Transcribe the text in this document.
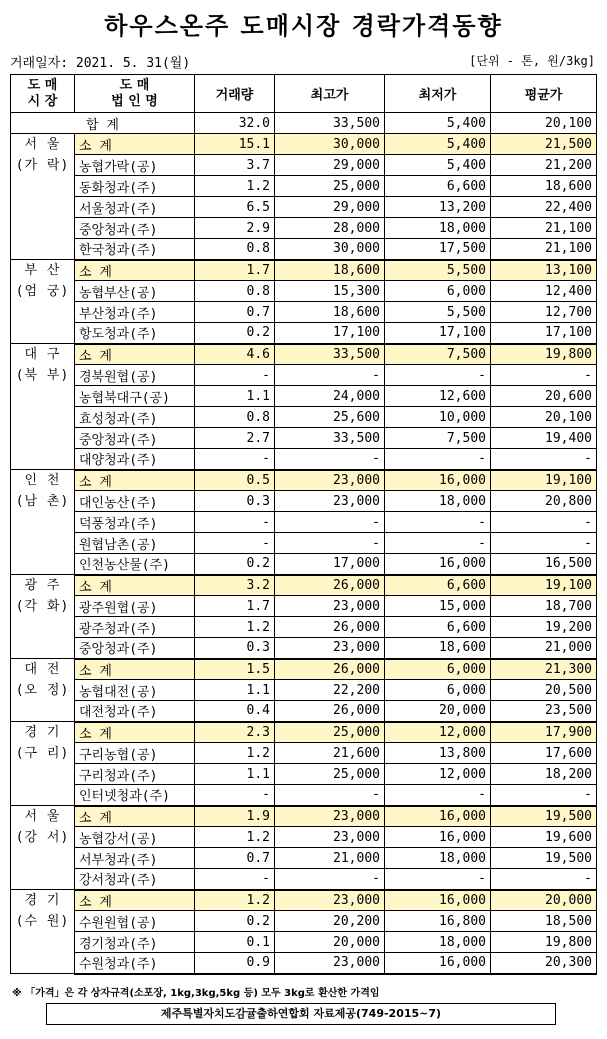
하우스온주 도매시장 경락가격동향
거래일자: 2021. 5. 31(월)	[단위 - 톤, 원/3kg]
도 매
시 장	도 매
법 인 명	거래량	최고가	최저가	평균가
합 계		32.0	33,500	5,400	20,100

서 울
(가 락)	소 계	15.1	30,000	5,400	21,500
	농협가락(공)	3.7	29,000	5,400	21,200
	동화청과(주)	1.2	25,000	6,600	18,600
	서울청과(주)	6.5	29,000	13,200	22,400
	중앙청과(주)	2.9	28,000	18,000	21,100
	한국청과(주)	0.8	30,000	17,500	21,100

부 산
(엄 궁)	소 계	1.7	18,600	5,500	13,100
	농협부산(공)	0.8	15,300	6,000	12,400
	부산청과(주)	0.7	18,600	5,500	12,700
	항도청과(주)	0.2	17,100	17,100	17,100

대 구
(북 부)	소 계	4.6	33,500	7,500	19,800
	경북원협(공)	-	-	-	-
	농협북대구(공)	1.1	24,000	12,600	20,600
	효성청과(주)	0.8	25,600	10,000	20,100
	중앙청과(주)	2.7	33,500	7,500	19,400
	대양청과(주)	-	-	-	-

인 천
(남 촌)	소 계	0.5	23,000	16,000	19,100
	대인농산(주)	0.3	23,000	18,000	20,800
	덕풍청과(주)	-	-	-	-
	원협남촌(공)	-	-	-	-
	인천농산물(주)	0.2	17,000	16,000	16,500

광 주
(각 화)	소 계	3.2	26,000	6,600	19,100
	광주원협(공)	1.7	23,000	15,000	18,700
	광주청과(주)	1.2	26,000	6,600	19,200
	중앙청과(주)	0.3	23,000	18,600	21,000

대 전
(오 정)	소 계	1.5	26,000	6,000	21,300
	농협대전(공)	1.1	22,200	6,000	20,500
	대전청과(주)	0.4	26,000	20,000	23,500

경 기
(구 리)	소 계	2.3	25,000	12,000	17,900
	구리농협(공)	1.2	21,600	13,800	17,600
	구리청과(주)	1.1	25,000	12,000	18,200
	인터넷청과(주)	-	-	-	-

서 울
(강 서)	소 계	1.9	23,000	16,000	19,500
	농협강서(공)	1.2	23,000	16,000	19,600
	서부청과(주)	0.7	21,000	18,000	19,500
	강서청과(주)	-	-	-	-

경 기
(수 원)	소 계	1.2	23,000	16,000	20,000
	수원원협(공)	0.2	20,200	16,800	18,500
	경기청과(주)	0.1	20,000	18,000	19,800
	수원청과(주)	0.9	23,000	16,000	20,300
※ 「가격」은 각 상자규격(소포장, 1kg,3kg,5kg 등) 모두 3kg로 환산한 가격임
제주특별자치도감귤출하연합회 자료제공(749-2015~7)
